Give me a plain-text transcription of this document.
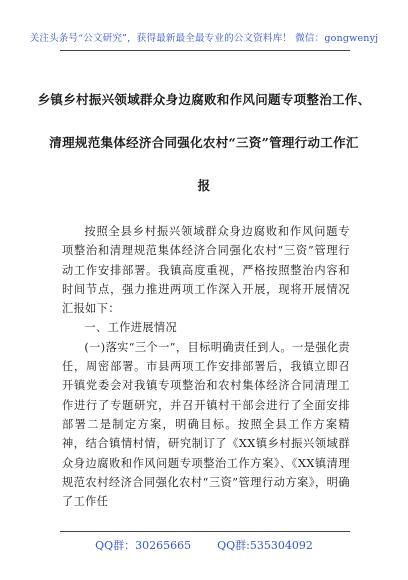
关注头条号“公文研究”，获得最新最全最专业的公文资料库！ 微信：gongwenyj
乡镇乡村振兴领域群众身边腐败和作风问题专项整治工作、
清理规范集体经济合同强化农村“三资”管理行动工作汇
报

按照全县乡村振兴领域群众身边腐败和作风问题专项整治和清理规范集体经济合同强化农村“三资”管理行动工作安排部署。我镇高度重视，严格按照整治内容和时间节点，强力推进两项工作深入开展，现将开展情况汇报如下：

一、工作进展情况

(一)落实“三个一”，目标明确责任到人。一是强化责任，周密部署。市县两项工作安排部署后，我镇立即召开镇党委会对我镇专项整治和农村集体经济合同清理工作进行了专题研究，并召开镇村干部会进行了全面安排部署二是制定方案，明确目标。按照全县工作方案精神，结合镇情村情，研究制订了《XX镇乡村振兴领域群众身边腐败和作风问题专项整治工作方案》、《XX镇清理规范农村经济合同强化农村“三资”管理行动方案》，明确了工作任

QQ群：30265665 QQ群:535304092
